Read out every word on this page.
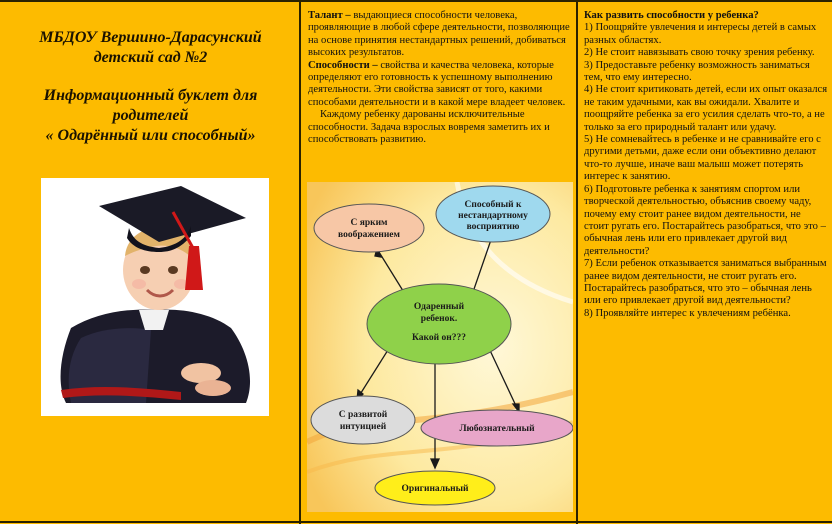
МБДОУ Вершино-Дарасунский
детский сад №2
Информационный буклет для
родителей
« Одарённый или способный»
Талант – выдающиеся способности человека, проявляющие в любой сфере деятельности, позволяющие на основе принятия нестандартных решений, добиваться высоких результатов.
Способности – свойства и качества человека, которые определяют его готовность к успешному выполнению деятельности. Эти свойства зависят от того, какими способами деятельности и в какой мере владеет человек.
Каждому ребенку дарованы исключительные способности. Задача взрослых вовремя заметить их и способствовать развитию.
С ярким
воображением
Способный к
нестандартному
восприятию
Одаренный
ребенок.
Какой он???
С развитой
интуицией	Любознательный
Оригинальный
Как развить способности у ребенка?
1) Поощряйте увлечения и интересы детей в самых разных областях.
2) Не стоит навязывать свою точку зрения ребенку.
3) Предоставьте ребенку возможность заниматься тем, что ему интересно.
4) Не стоит критиковать детей, если их опыт оказался не таким удачными, как вы ожидали. Хвалите и поощряйте ребенка за его усилия сделать что-то, а не только за его природный талант или удачу.
5) Не сомневайтесь в ребенке и не сравнивайте его с другими детьми, даже если они объективно делают что-то лучше, иначе ваш малыш может потерять интерес к занятию.
6) Подготовьте ребенка к занятиям спортом или творческой деятельностью, объяснив своему чаду, почему ему стоит ранее видом деятельности, не стоит ругать его. Постарайтесь разобраться, что это – обычная лень или его привлекает другой вид деятельности?
7) Если ребенок отказывается заниматься выбранным ранее видом деятельности, не стоит ругать его. Постарайтесь разобраться, что это – обычная лень или его привлекает другой вид деятельности?
8) Проявляйте интерес к увлечениям ребёнка.
